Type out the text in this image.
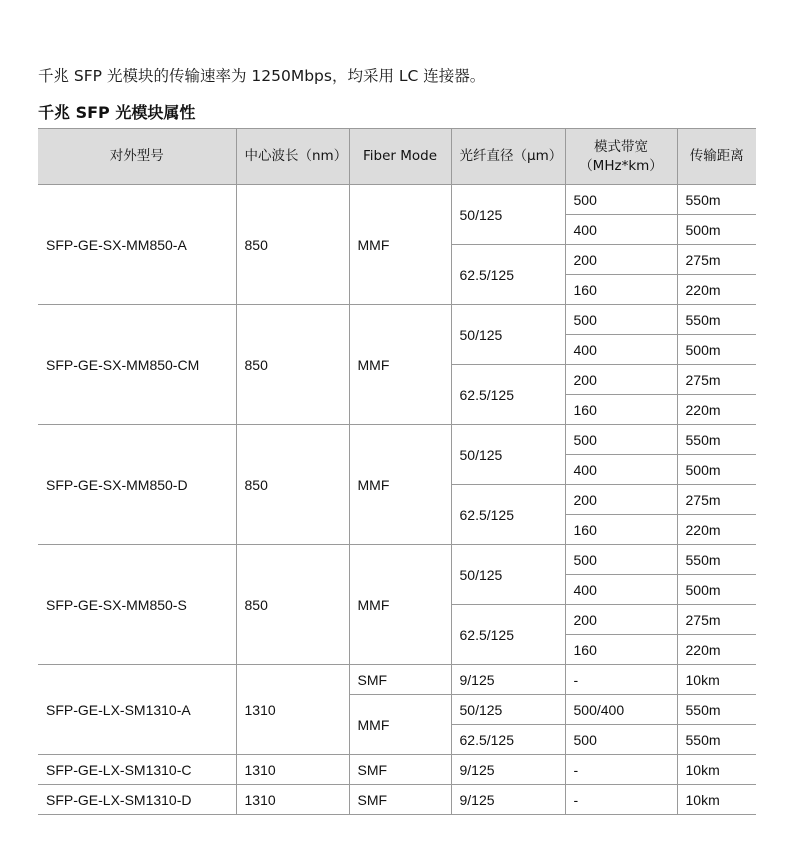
千兆 SFP 光模块的传输速率为 1250Mbps，均采用 LC 连接器。
千兆 SFP 光模块属性
对外型号	中心波长（nm）	Fiber Mode	光纤直径（μm）	模式带宽
（MHz*km）	传输距离
SFP-GE-SX-MM850-A	850	MMF	50/125	500	550m
				400	500m
			62.5/125	200	275m
				160	220m
SFP-GE-SX-MM850-CM	850	MMF	50/125	500	550m
				400	500m
			62.5/125	200	275m
				160	220m
SFP-GE-SX-MM850-D	850	MMF	50/125	500	550m
				400	500m
			62.5/125	200	275m
				160	220m
SFP-GE-SX-MM850-S	850	MMF	50/125	500	550m
				400	500m
			62.5/125	200	275m
				160	220m
SFP-GE-LX-SM1310-A	1310	SMF	9/125	-	10km
		MMF	50/125	500/400	550m
			62.5/125	500	550m
SFP-GE-LX-SM1310-C	1310	SMF	9/125	-	10km
SFP-GE-LX-SM1310-D	1310	SMF	9/125	-	10km
